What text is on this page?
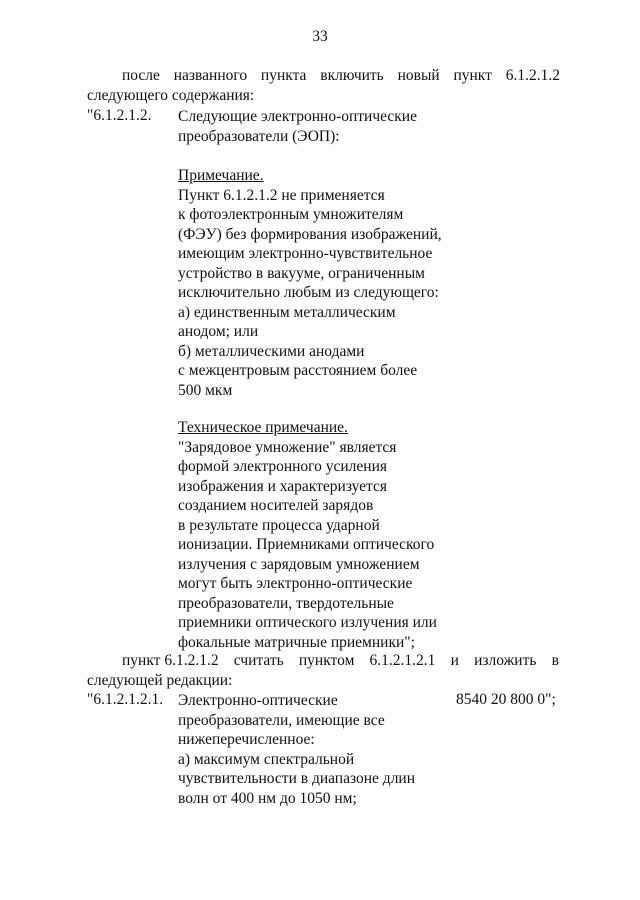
33
после названного пункта включить новый пункт 6.1.2.1.2
следующего содержания:
"6.1.2.1.2. Следующие электронно-оптические
преобразователи (ЭОП):
Примечание.
Пункт 6.1.2.1.2 не применяется
к фотоэлектронным умножителям
(ФЭУ) без формирования изображений,
имеющим электронно-чувствительное
устройство в вакууме, ограниченным
исключительно любым из следующего:
а) единственным металлическим
анодом; или
б) металлическими анодами
с межцентровым расстоянием более
500 мкм
Техническое примечание.
"Зарядовое умножение" является
формой электронного усиления
изображения и характеризуется
созданием носителей зарядов
в результате процесса ударной
ионизации. Приемниками оптического
излучения с зарядовым умножением
могут быть электронно-оптические
преобразователи, твердотельные
приемники оптического излучения или
фокальные матричные приемники";
пункт 6.1.2.1.2 считать пунктом 6.1.2.1.2.1 и изложить в
следующей редакции:
"6.1.2.1.2.1. Электронно-оптические
преобразователи, имеющие все
нижеперечисленное:
а) максимум спектральной
чувствительности в диапазоне длин
волн от 400 нм до 1050 нм;
8540 20 800 0";
